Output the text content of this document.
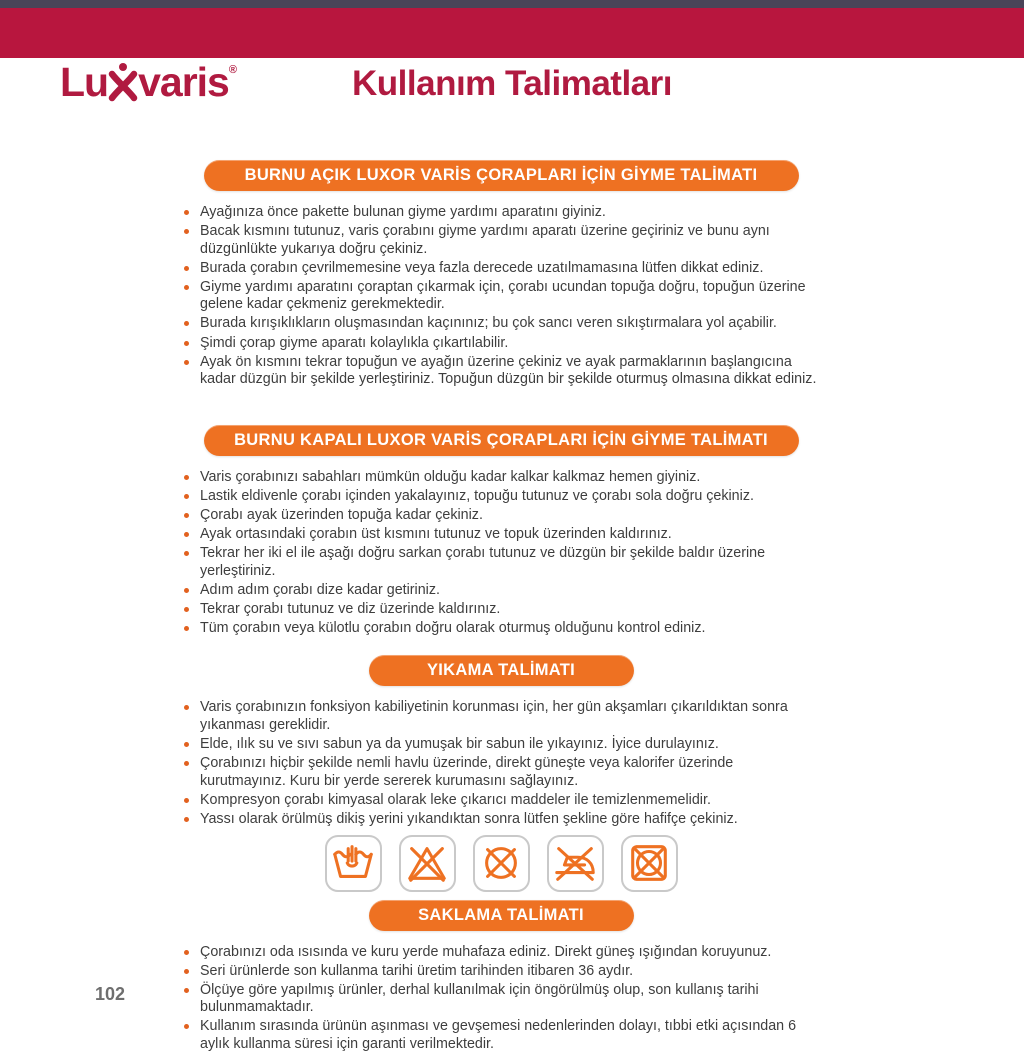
Lu varis ®	Kullanım Talimatları
BURNU AÇIK LUXOR VARİS ÇORAPLARI İÇİN GİYME TALİMATI
Ayağınıza önce pakette bulunan giyme yardımı aparatını giyiniz.
Bacak kısmını tutunuz, varis çorabını giyme yardımı aparatı üzerine geçiriniz ve bunu aynı düzgünlükte yukarıya doğru çekiniz.
Burada çorabın çevrilmemesine veya fazla derecede uzatılmamasına lütfen dikkat ediniz.
Giyme yardımı aparatını çoraptan çıkarmak için, çorabı ucundan topuğa doğru, topuğun üzerine gelene kadar çekmeniz gerekmektedir.
Burada kırışıklıkların oluşmasından kaçınınız; bu çok sancı veren sıkıştırmalara yol açabilir.
Şimdi çorap giyme aparatı kolaylıkla çıkartılabilir.
Ayak ön kısmını tekrar topuğun ve ayağın üzerine çekiniz ve ayak parmaklarının başlangıcına kadar düzgün bir şekilde yerleştiriniz. Topuğun düzgün bir şekilde oturmuş olmasına dikkat ediniz.
BURNU KAPALI LUXOR VARİS ÇORAPLARI İÇİN GİYME TALİMATI
Varis çorabınızı sabahları mümkün olduğu kadar kalkar kalkmaz hemen giyiniz.
Lastik eldivenle çorabı içinden yakalayınız, topuğu tutunuz ve çorabı sola doğru çekiniz.
Çorabı ayak üzerinden topuğa kadar çekiniz.
Ayak ortasındaki çorabın üst kısmını tutunuz ve topuk üzerinden kaldırınız.
Tekrar her iki el ile aşağı doğru sarkan çorabı tutunuz ve düzgün bir şekilde baldır üzerine yerleştiriniz.
Adım adım çorabı dize kadar getiriniz.
Tekrar çorabı tutunuz ve diz üzerinde kaldırınız.
Tüm çorabın veya külotlu çorabın doğru olarak oturmuş olduğunu kontrol ediniz.
YIKAMA TALİMATI
Varis çorabınızın fonksiyon kabiliyetinin korunması için, her gün akşamları çıkarıldıktan sonra yıkanması gereklidir.
Elde, ılık su ve sıvı sabun ya da yumuşak bir sabun ile yıkayınız. İyice durulayınız.
Çorabınızı hiçbir şekilde nemli havlu üzerinde, direkt güneşte veya kalorifer üzerinde kurutmayınız. Kuru bir yerde sererek kurumasını sağlayınız.
Kompresyon çorabı kimyasal olarak leke çıkarıcı maddeler ile temizlenmemelidir.
Yassı olarak örülmüş dikiş yerini yıkandıktan sonra lütfen şekline göre hafifçe çekiniz.
SAKLAMA TALİMATI
Çorabınızı oda ısısında ve kuru yerde muhafaza ediniz. Direkt güneş ışığından koruyunuz.
Seri ürünlerde son kullanma tarihi üretim tarihinden itibaren 36 aydır.
Ölçüye göre yapılmış ürünler, derhal kullanılmak için öngörülmüş olup, son kullanış tarihi bulunmamaktadır.
Kullanım sırasında ürünün aşınması ve gevşemesi nedenlerinden dolayı, tıbbi etki açısından 6 aylık kullanma süresi için garanti verilmektedir.
102
